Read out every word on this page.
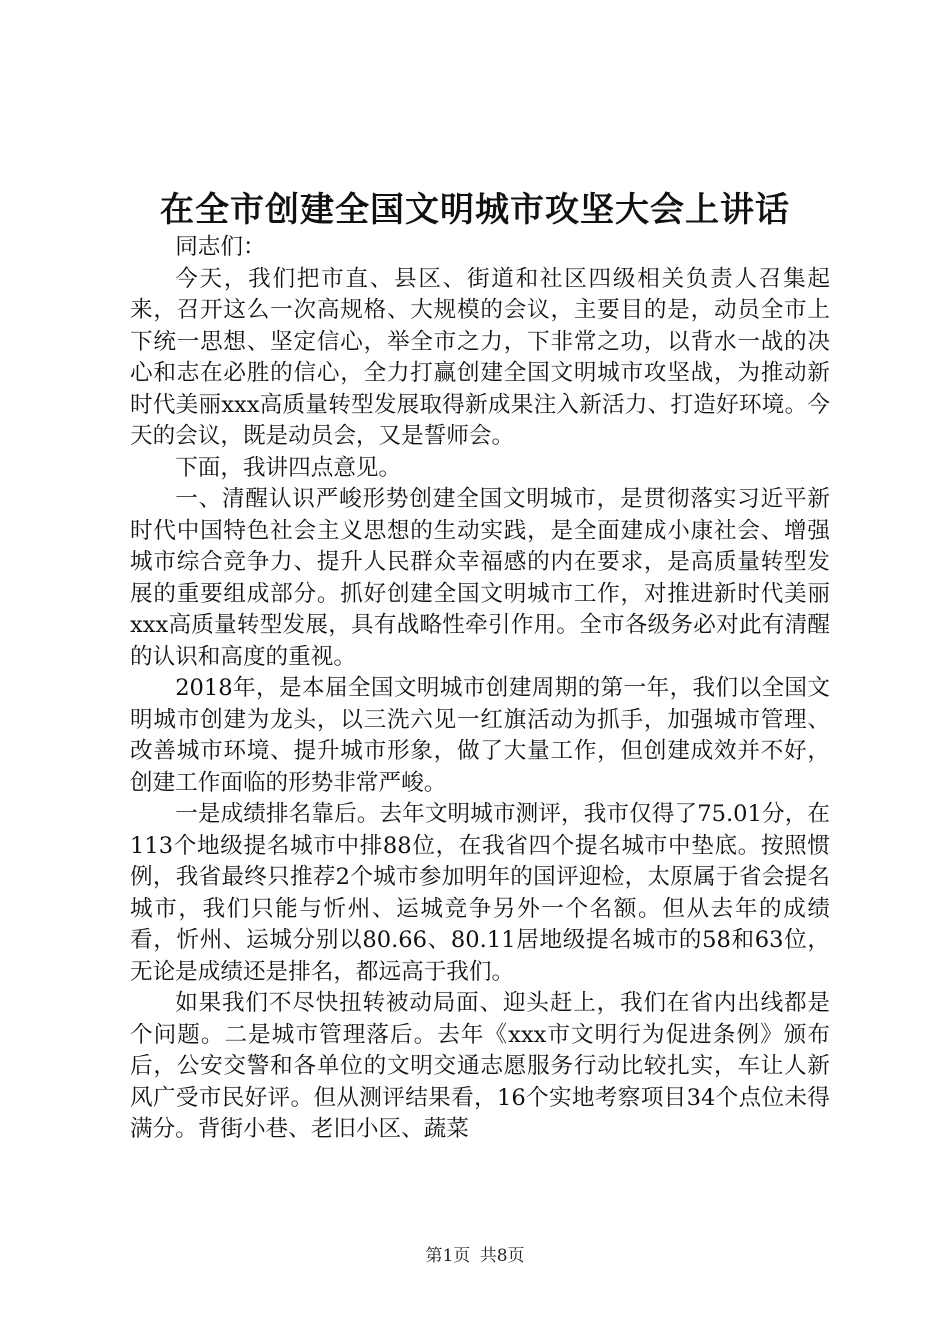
在全市创建全国文明城市攻坚大会上讲话

同志们：

今天，我们把市直、县区、街道和社区四级相关负责人召集起来，召开这么一次高规格、大规模的会议，主要目的是，动员全市上下统一思想、坚定信心，举全市之力，下非常之功，以背水一战的决心和志在必胜的信心，全力打赢创建全国文明城市攻坚战，为推动新时代美丽xxx高质量转型发展取得新成果注入新活力、打造好环境。今天的会议，既是动员会，又是誓师会。

下面，我讲四点意见。

一、清醒认识严峻形势创建全国文明城市，是贯彻落实习近平新时代中国特色社会主义思想的生动实践，是全面建成小康社会、增强城市综合竞争力、提升人民群众幸福感的内在要求，是高质量转型发展的重要组成部分。抓好创建全国文明城市工作，对推进新时代美丽xxx高质量转型发展，具有战略性牵引作用。全市各级务必对此有清醒的认识和高度的重视。

2018年，是本届全国文明城市创建周期的第一年，我们以全国文明城市创建为龙头，以三洗六见一红旗活动为抓手，加强城市管理、改善城市环境、提升城市形象，做了大量工作，但创建成效并不好，创建工作面临的形势非常严峻。

一是成绩排名靠后。去年文明城市测评，我市仅得了75.01分，在113个地级提名城市中排88位，在我省四个提名城市中垫底。按照惯例，我省最终只推荐2个城市参加明年的国评迎检，太原属于省会提名城市，我们只能与忻州、运城竞争另外一个名额。但从去年的成绩看，忻州、运城分别以80.66、80.11居地级提名城市的58和63位，无论是成绩还是排名，都远高于我们。

如果我们不尽快扭转被动局面、迎头赶上，我们在省内出线都是个问题。二是城市管理落后。去年《xxx市文明行为促进条例》颁布后，公安交警和各单位的文明交通志愿服务行动比较扎实，车让人新风广受市民好评。但从测评结果看，16个实地考察项目34个点位未得满分。背街小巷、老旧小区、蔬菜

第1页 共8页
